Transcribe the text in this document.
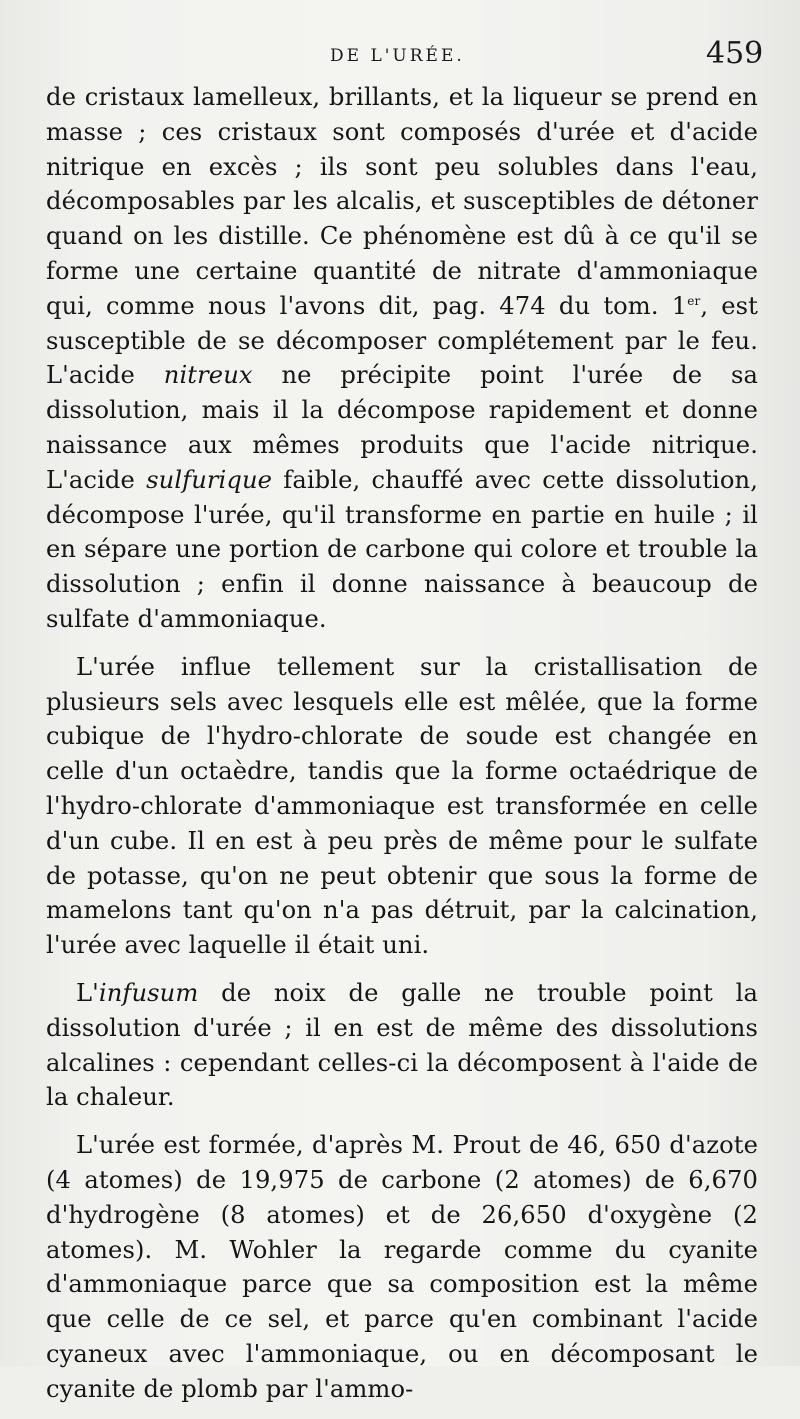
DE L'URÉE.	459

de cristaux lamelleux, brillants, et la liqueur se prend en masse ; ces cristaux sont composés d'urée et d'acide nitrique en excès ; ils sont peu solubles dans l'eau, décomposables par les alcalis, et susceptibles de détoner quand on les distille. Ce phénomène est dû à ce qu'il se forme une certaine quantité de nitrate d'ammoniaque qui, comme nous l'avons dit, pag. 474 du tom. 1er, est susceptible de se décomposer complétement par le feu. L'acide nitreux ne précipite point l'urée de sa dissolution, mais il la décompose rapidement et donne naissance aux mêmes produits que l'acide nitrique. L'acide sulfurique faible, chauffé avec cette dissolution, décompose l'urée, qu'il transforme en partie en huile ; il en sépare une portion de carbone qui colore et trouble la dissolution ; enfin il donne naissance à beaucoup de sulfate d'ammoniaque.

L'urée influe tellement sur la cristallisation de plusieurs sels avec lesquels elle est mêlée, que la forme cubique de l'hydro-chlorate de soude est changée en celle d'un octaèdre, tandis que la forme octaédrique de l'hydro-chlorate d'ammoniaque est transformée en celle d'un cube. Il en est à peu près de même pour le sulfate de potasse, qu'on ne peut obtenir que sous la forme de mamelons tant qu'on n'a pas détruit, par la calcination, l'urée avec laquelle il était uni.

L'infusum de noix de galle ne trouble point la dissolution d'urée ; il en est de même des dissolutions alcalines : cependant celles-ci la décomposent à l'aide de la chaleur.

L'urée est formée, d'après M. Prout de 46, 650 d'azote (4 atomes) de 19,975 de carbone (2 atomes) de 6,670 d'hydrogène (8 atomes) et de 26,650 d'oxygène (2 atomes). M. Wohler la regarde comme du cyanite d'ammoniaque parce que sa composition est la même que celle de ce sel, et parce qu'en combinant l'acide cyaneux avec l'ammoniaque, ou en décomposant le cyanite de plomb par l'ammo-
